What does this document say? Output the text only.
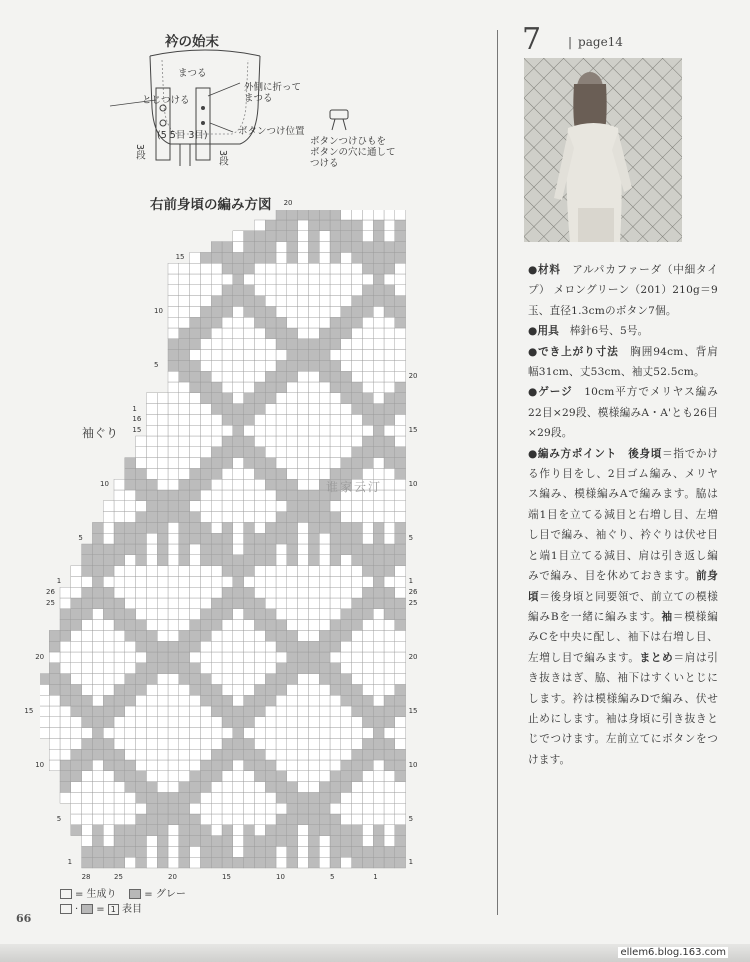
衿の始末
まつる
外側に折って
まつる
とじつける
ボタンつけ位置
(5 5目 3目)
3段	3段
ボタンつけひもを
ボタンの穴に通して
つける
右前身頃の編み方図
袖ぐり
1
5
10
15
20
25
26
1
5
10
15
16
1
5
10
15
20
1
5
10
15
20
25
26
1
5
10
15
20
28	25	20	15	10	5	1
= 生成り	= グレー
· = 1 表目
7 | page14

●材料　 アルパカファーダ（中細タイプ） メロングリーン（201）210g＝9玉、直径1.3cmのボタン7個。

●用具　 棒針6号、5号。

●でき上がり寸法　 胸囲94cm、背肩幅31cm、丈53cm、袖丈52.5cm。

●ゲージ　 10cm平方でメリヤス編み22目×29段、模様編みA・A'とも26目×29段。

●編み方ポイント　 後身頃＝指でかける作り目をし、2目ゴム編み、メリヤス編み、模様編みAで編みます。脇は端1目を立てる減目と右増し目、左増し目で編み、袖ぐり、衿ぐりは伏せ目と端1目立てる減目、肩は引き返し編みで編み、目を休めておきます。前身頃＝後身頃と同要領で、前立ての模様編みBを一緒に編みます。袖＝模様編みCを中央に配し、袖下は右増し目、左増し目で編みます。まとめ＝肩は引き抜きはぎ、脇、袖下はすくいとじにします。衿は模様編みDで編み、伏せ止めにします。袖は身頃に引き抜きとじでつけます。左前立てにボタンをつけます。

谁家云汀
66
ellem6.blog.163.com
